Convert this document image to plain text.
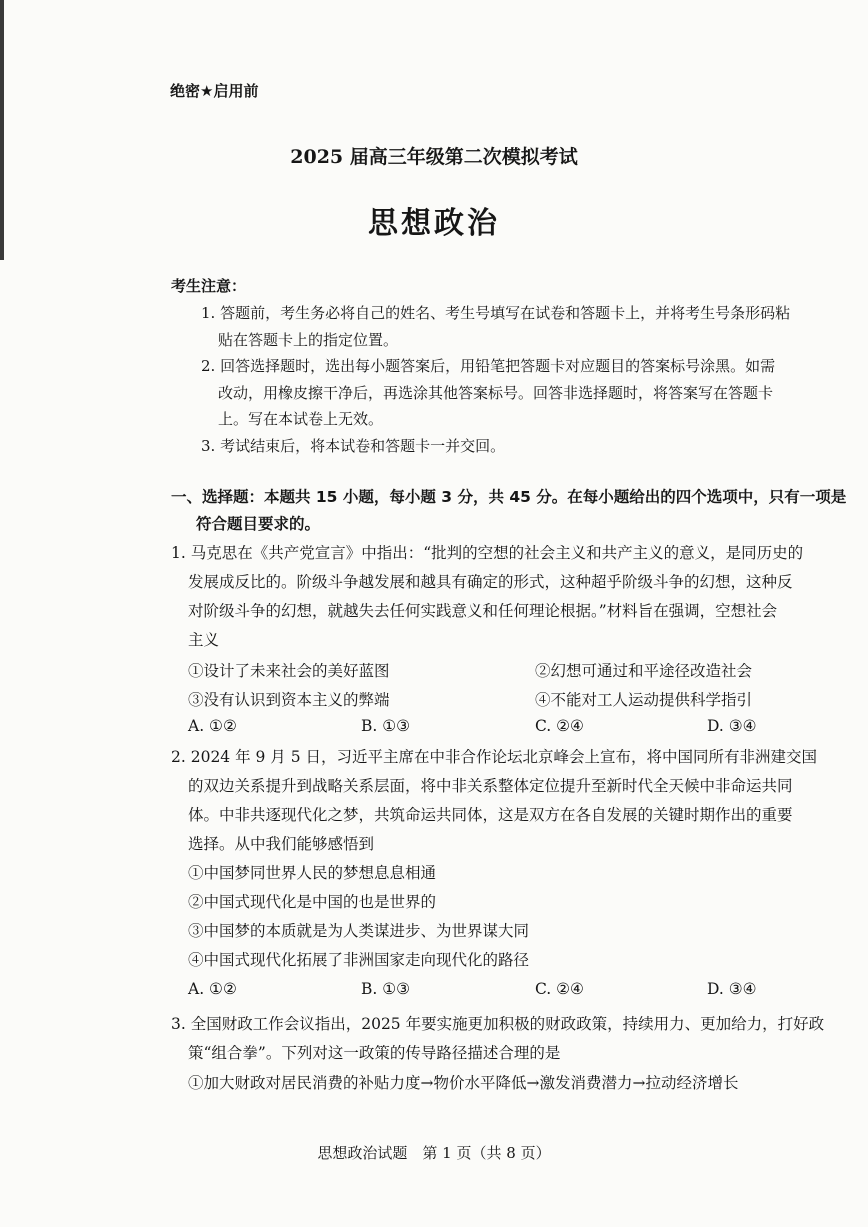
绝密★启用前
2025 届高三年级第二次模拟考试
思想政治
考生注意：
1. 答题前，考生务必将自己的姓名、考生号填写在试卷和答题卡上，并将考生号条形码粘
贴在答题卡上的指定位置。
2. 回答选择题时，选出每小题答案后，用铅笔把答题卡对应题目的答案标号涂黑。如需
改动，用橡皮擦干净后，再选涂其他答案标号。回答非选择题时，将答案写在答题卡
上。写在本试卷上无效。
3. 考试结束后，将本试卷和答题卡一并交回。
一、选择题：本题共 15 小题，每小题 3 分，共 45 分。在每小题给出的四个选项中，只有一项是
符合题目要求的。
1. 马克思在《共产党宣言》中指出：“批判的空想的社会主义和共产主义的意义，是同历史的
发展成反比的。阶级斗争越发展和越具有确定的形式，这种超乎阶级斗争的幻想，这种反
对阶级斗争的幻想，就越失去任何实践意义和任何理论根据。”材料旨在强调，空想社会
主义
①设计了未来社会的美好蓝图	②幻想可通过和平途径改造社会
③没有认识到资本主义的弊端	④不能对工人运动提供科学指引
A. ①②	B. ①③	C. ②④	D. ③④
2. 2024 年 9 月 5 日，习近平主席在中非合作论坛北京峰会上宣布，将中国同所有非洲建交国
的双边关系提升到战略关系层面，将中非关系整体定位提升至新时代全天候中非命运共同
体。中非共逐现代化之梦，共筑命运共同体，这是双方在各自发展的关键时期作出的重要
选择。从中我们能够感悟到
①中国梦同世界人民的梦想息息相通
②中国式现代化是中国的也是世界的
③中国梦的本质就是为人类谋进步、为世界谋大同
④中国式现代化拓展了非洲国家走向现代化的路径
A. ①②	B. ①③	C. ②④	D. ③④
3. 全国财政工作会议指出，2025 年要实施更加积极的财政政策，持续用力、更加给力，打好政
策“组合拳”。下列对这一政策的传导路径描述合理的是
①加大财政对居民消费的补贴力度→物价水平降低→激发消费潜力→拉动经济增长
思想政治试题　第 1 页（共 8 页）
